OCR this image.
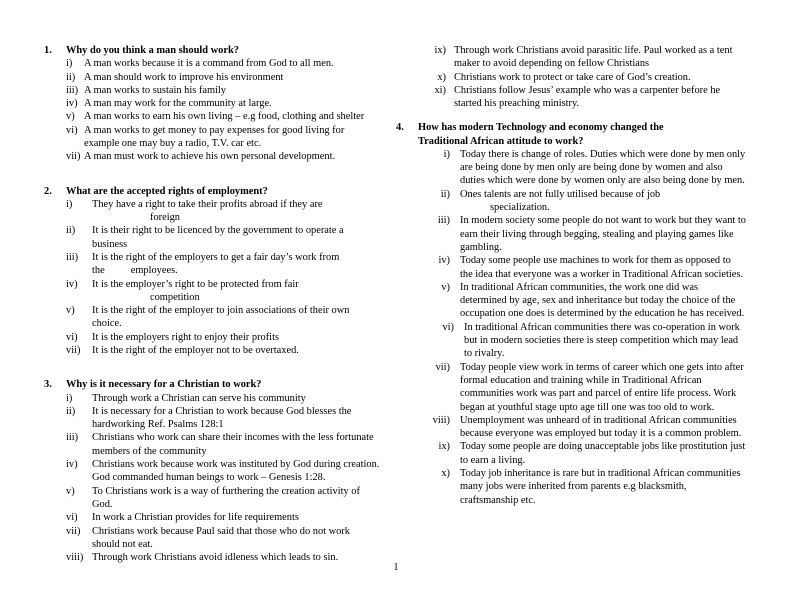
1.	Why do you think a man should work?
i)	A man works because it is a command from God to all men.
ii) A man should work to improve his environment
iii) A man works to sustain his family
iv) A man may work for the community at large.
v) A man works to earn his own living – e.g food, clothing and shelter
vi) A man works to get money to pay expenses for good living for example one may buy a radio, T.V. car etc.
vii) A man must work to achieve his own personal development.
2.	What are the accepted rights of employment?
i)	They have a right to take their profits abroad if they are
foreign
ii)	It is their right to be licenced by the government to operate a business
iii)	It is the right of the employers to get a fair day’s work from
the	employees.
iv)	It is the employer’s right to be protected from fair
competition
v)	It is the right of the employer to join associations of their own choice.
vi)	It is the employers right to enjoy their profits
vii)	It is the right of the employer not to be overtaxed.
3.	Why is it necessary for a Christian to work?
i)	Through work a Christian can serve his community
ii)	It is necessary for a Christian to work because God blesses the hardworking Ref. Psalms 128:1
iii)	Christians who work can share their incomes with the less fortunate members of the community
iv)	Christians work because work was instituted by God during creation. God commanded human beings to work – Genesis 1:28.
v)	To Christians work is a way of furthering the creation activity of God.
vi)	In work a Christian provides for life requirements
vii)	Christians work because Paul said that those who do not work should not eat.
viii) Through work Christians avoid idleness which leads to sin.
ix) Through work Christians avoid parasitic life. Paul worked as a tent maker to avoid depending on fellow Christians
x) Christians work to protect or take care of God’s creation.
xi) Christians follow Jesus’ example who was a carpenter before he started his preaching ministry.
4.	How has modern Technology and economy changed the
Traditional African attitude to work?
i) Today there is change of roles. Duties which were done by men only are being done by men only are being done by women and also duties which were done by women only are also being done by men.
ii) Ones talents are not fully utilised because of job
specialization.
iii) In modern society some people do not want to work but they want to earn their living through begging, stealing and playing games like gambling.
iv) Today some people use machines to work for them as opposed to the idea that everyone was a worker in Traditional African societies.
v) In traditional African communities, the work one did was determined by age, sex and inheritance but today the choice of the occupation one does is determined by the education he has received.
vi) In traditional African communities there was co-operation in work but in modern societies there is steep competition which may lead to rivalry.
vii) Today people view work in terms of career which one gets into after formal education and training while in Traditional African communities work was part and parcel of entire life process. Work began at youthful stage upto age till one was too old to work.
viii) Unemployment was unheard of in traditional African communities because everyone was employed but today it is a common problem.
ix) Today some people are doing unacceptable jobs like prostitution just to earn a living.
x) Today job inheritance is rare but in traditional African communities many jobs were inherited from parents e.g blacksmith, craftsmanship etc.
1
